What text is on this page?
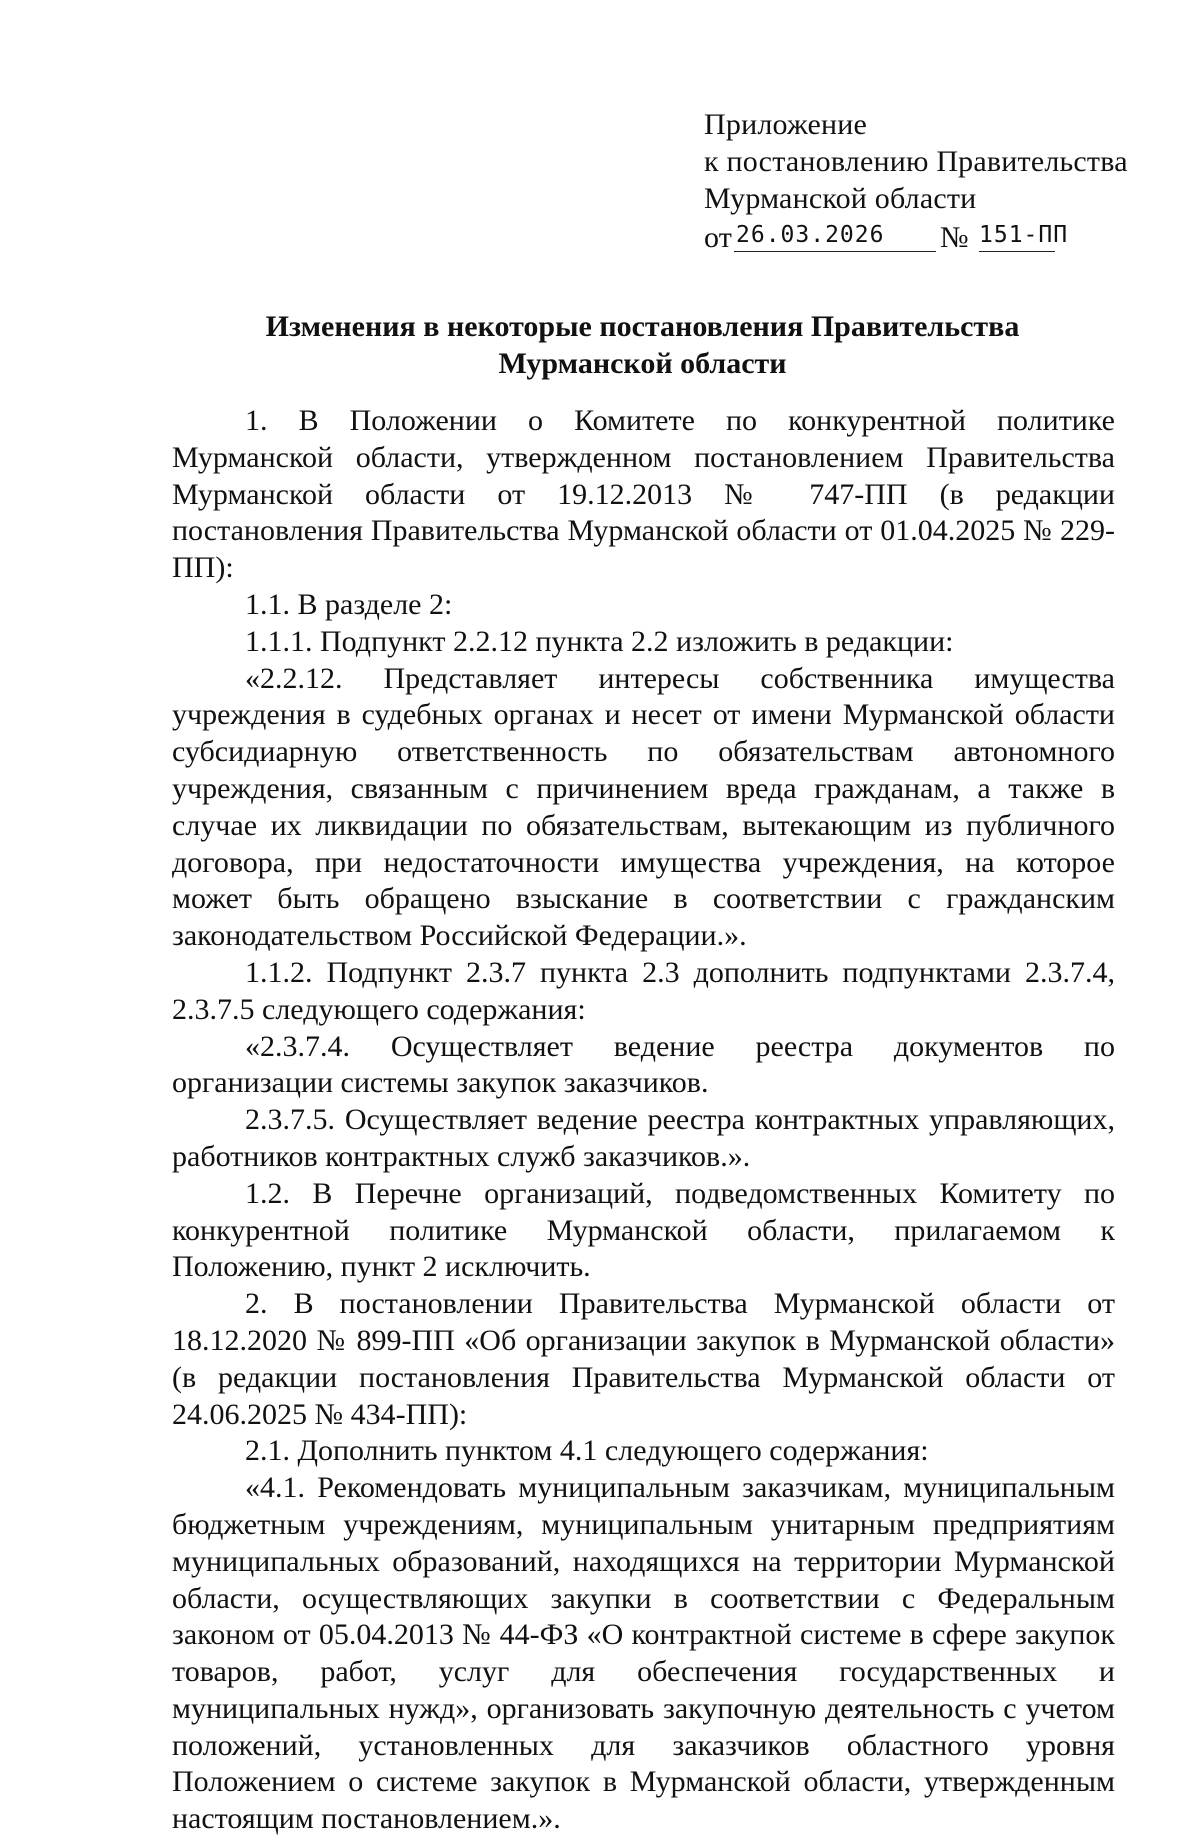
Приложение
к постановлению Правительства
Мурманской области
от 26.03.2026	№ 151-ПП
Изменения в некоторые постановления Правительства
Мурманской области

1. В Положении о Комитете по конкурентной политике Мурманской области, утвержденном постановлением Правительства Мурманской области от 19.12.2013 № 747-ПП (в редакции постановления Правительства Мурманской области от 01.04.2025 № 229-ПП):

1.1. В разделе 2:

1.1.1. Подпункт 2.2.12 пункта 2.2 изложить в редакции:

«2.2.12. Представляет интересы собственника имущества учреждения в судебных органах и несет от имени Мурманской области субсидиарную ответственность по обязательствам автономного учреждения, связанным с причинением вреда гражданам, а также в случае их ликвидации по обязательствам, вытекающим из публичного договора, при недостаточности имущества учреждения, на которое может быть обращено взыскание в соответствии с гражданским законодательством Российской Федерации.».

1.1.2. Подпункт 2.3.7 пункта 2.3 дополнить подпунктами 2.3.7.4, 2.3.7.5 следующего содержания:

«2.3.7.4. Осуществляет ведение реестра документов по организации системы закупок заказчиков.

2.3.7.5. Осуществляет ведение реестра контрактных управляющих, работников контрактных служб заказчиков.».

1.2. В Перечне организаций, подведомственных Комитету по конкурентной политике Мурманской области, прилагаемом к Положению, пункт 2 исключить.

2. В постановлении Правительства Мурманской области от 18.12.2020 № 899-ПП «Об организации закупок в Мурманской области» (в редакции постановления Правительства Мурманской области от 24.06.2025 № 434-ПП):

2.1. Дополнить пунктом 4.1 следующего содержания:

«4.1. Рекомендовать муниципальным заказчикам, муниципальным бюджетным учреждениям, муниципальным унитарным предприятиям муниципальных образований, находящихся на территории Мурманской области, осуществляющих закупки в соответствии с Федеральным законом от 05.04.2013 № 44-ФЗ «О контрактной системе в сфере закупок товаров, работ, услуг для обеспечения государственных и муниципальных нужд», организовать закупочную деятельность с учетом положений, установленных для заказчиков областного уровня Положением о системе закупок в Мурманской области, утвержденным настоящим постановлением.».
